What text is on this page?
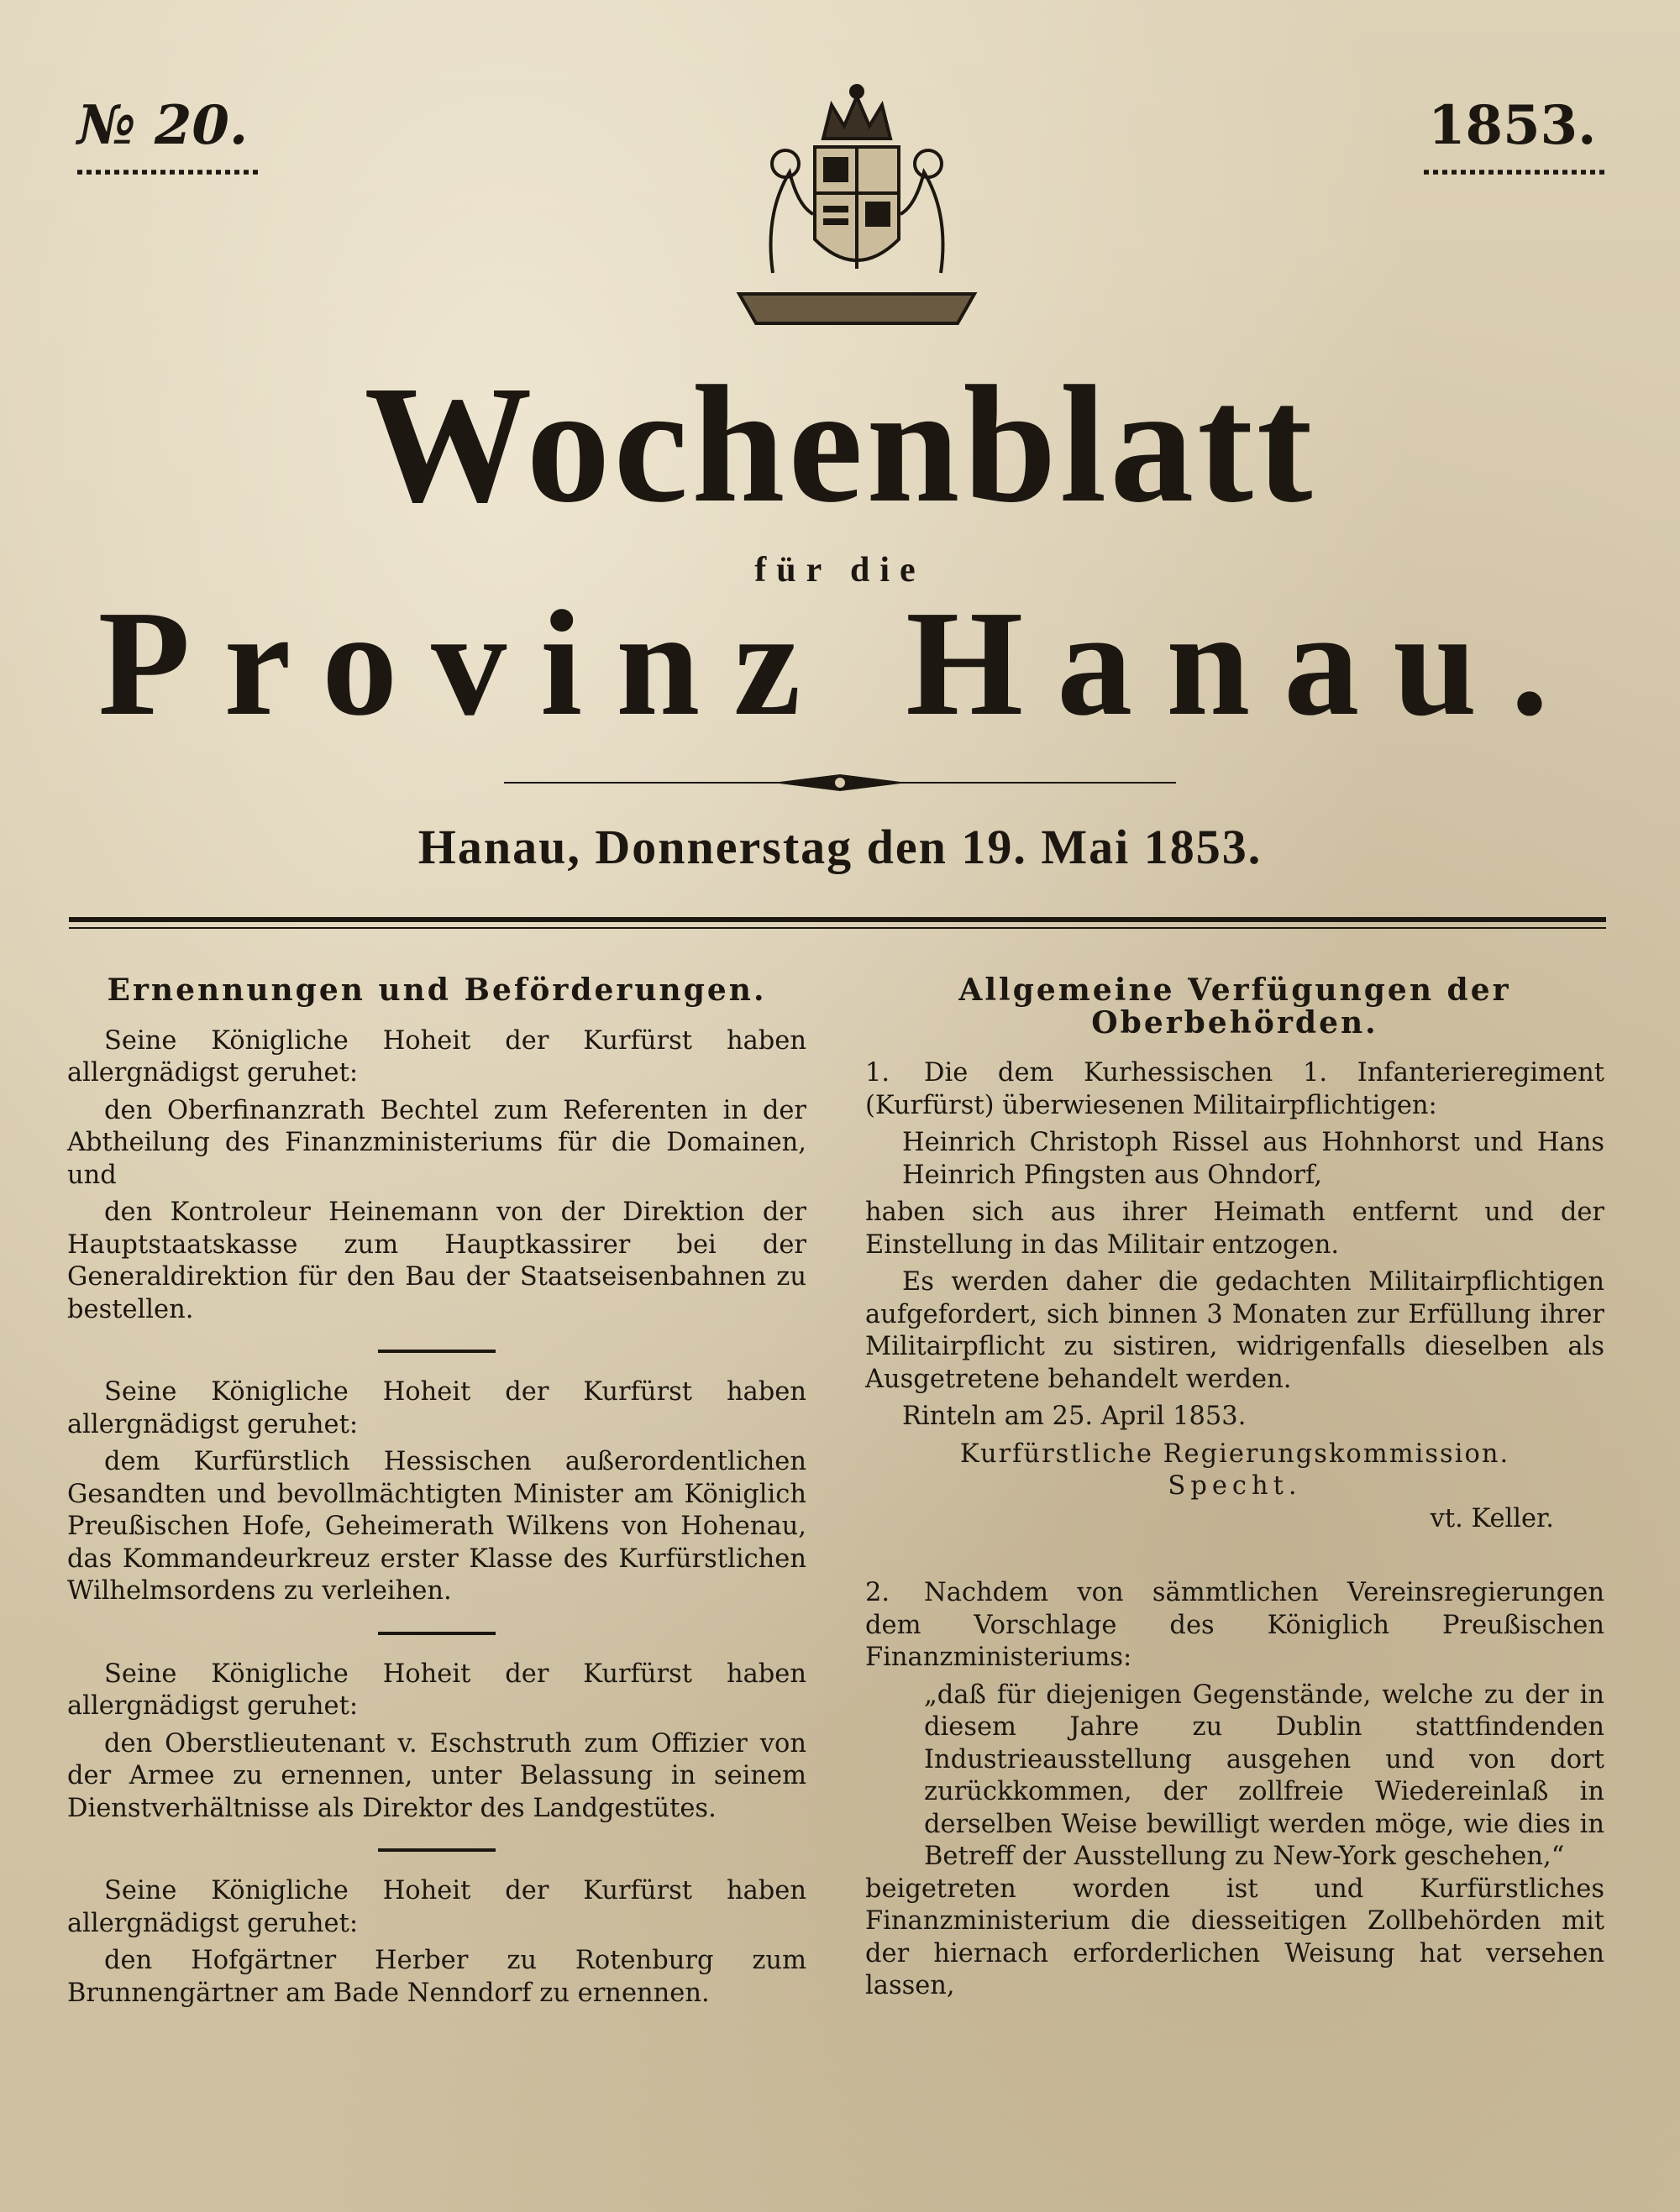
№ 20.	1853.
Wochenblatt
für die
Provinz Hanau.
Hanau, Donnerstag den 19. Mai 1853.
Ernennungen und Beförderungen.
Seine Königliche Hoheit der Kurfürst haben allergnädigst geruhet:
den Oberfinanzrath Bechtel zum Referenten in der Abtheilung des Finanzministeriums für die Domainen, und
den Kontroleur Heinemann von der Direktion der Hauptstaatskasse zum Hauptkassirer bei der Generaldirektion für den Bau der Staatseisenbahnen zu bestellen.
Seine Königliche Hoheit der Kurfürst haben allergnädigst geruhet:
dem Kurfürstlich Hessischen außerordentlichen Gesandten und bevollmächtigten Minister am Königlich Preußischen Hofe, Geheimerath Wilkens von Hohenau, das Kommandeurkreuz erster Klasse des Kurfürstlichen Wilhelmsordens zu verleihen.
Seine Königliche Hoheit der Kurfürst haben allergnädigst geruhet:
den Oberstlieutenant v. Eschstruth zum Offizier von der Armee zu ernennen, unter Belassung in seinem Dienstverhältnisse als Direktor des Landgestütes.
Seine Königliche Hoheit der Kurfürst haben allergnädigst geruhet:
den Hofgärtner Herber zu Rotenburg zum Brunnengärtner am Bade Nenndorf zu ernennen.
Allgemeine Verfügungen der Oberbehörden.
1. Die dem Kurhessischen 1. Infanterieregiment (Kurfürst) überwiesenen Militairpflichtigen:
Heinrich Christoph Rissel aus Hohnhorst und Hans Heinrich Pfingsten aus Ohndorf,
haben sich aus ihrer Heimath entfernt und der Einstellung in das Militair entzogen.
Es werden daher die gedachten Militairpflichtigen aufgefordert, sich binnen 3 Monaten zur Erfüllung ihrer Militairpflicht zu sistiren, widrigenfalls dieselben als Ausgetretene behandelt werden.
Rinteln am 25. April 1853.
Kurfürstliche Regierungskommission.
Specht.
vt. Keller.
2. Nachdem von sämmtlichen Vereinsregierungen dem Vorschlage des Königlich Preußischen Finanzministeriums:
„daß für diejenigen Gegenstände, welche zu der in diesem Jahre zu Dublin stattfindenden Industrieausstellung ausgehen und von dort zurückkommen, der zollfreie Wiedereinlaß in derselben Weise bewilligt werden möge, wie dies in Betreff der Ausstellung zu New-York geschehen,“
beigetreten worden ist und Kurfürstliches Finanzministerium die diesseitigen Zollbehörden mit der hiernach erforderlichen Weisung hat versehen lassen,
